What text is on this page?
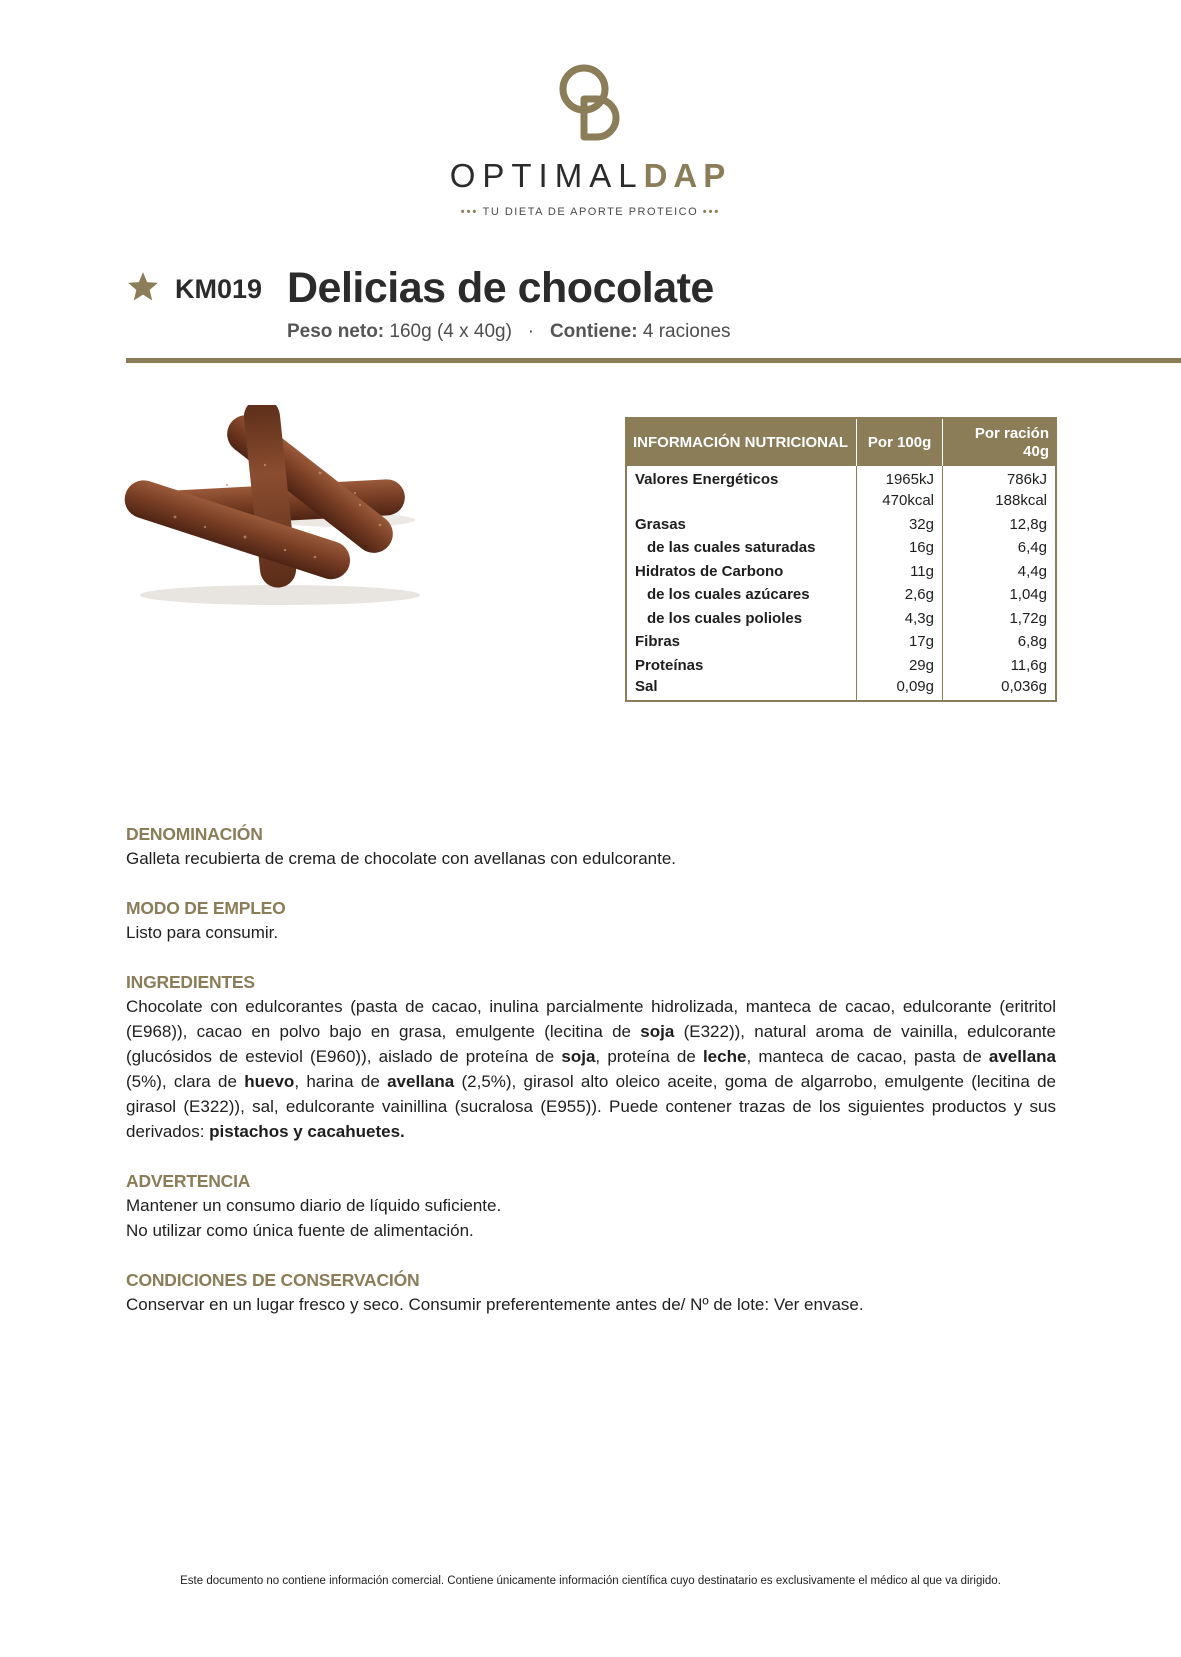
OPTIMALDAP
••• TU DIETA DE APORTE PROTEICO •••
KM019 Delicias de chocolate
Peso neto: 160g (4 x 40g) · Contiene: 4 raciones
INFORMACIÓN NUTRICIONAL	Por 100g	Por ración 40g
Valores Energéticos	1965kJ	786kJ
	470kcal	188kcal
Grasas	32g	12,8g
de las cuales saturadas	16g	6,4g
Hidratos de Carbono	11g	4,4g
de los cuales azúcares	2,6g	1,04g
de los cuales polioles	4,3g	1,72g
Fibras	17g	6,8g
Proteínas	29g	11,6g
Sal	0,09g	0,036g
DENOMINACIÓN

Galleta recubierta de crema de chocolate con avellanas con edulcorante.

MODO DE EMPLEO

Listo para consumir.

INGREDIENTES

Chocolate con edulcorantes (pasta de cacao, inulina parcialmente hidrolizada, manteca de cacao, edulcorante (eritritol (E968)), cacao en polvo bajo en grasa, emulgente (lecitina de soja (E322)), natural aroma de vainilla, edulcorante (glucósidos de esteviol (E960)), aislado de proteína de soja, proteína de leche, manteca de cacao, pasta de avellana (5%), clara de huevo, harina de avellana (2,5%), girasol alto oleico aceite, goma de algarrobo, emulgente (lecitina de girasol (E322)), sal, edulcorante vainillina (sucralosa (E955)). Puede contener trazas de los siguientes productos y sus derivados: pistachos y cacahuetes.

ADVERTENCIA

Mantener un consumo diario de líquido suficiente.

No utilizar como única fuente de alimentación.

CONDICIONES DE CONSERVACIÓN

Conservar en un lugar fresco y seco. Consumir preferentemente antes de/ Nº de lote: Ver envase.

Este documento no contiene información comercial. Contiene únicamente información científica cuyo destinatario es exclusivamente el médico al que va dirigido.
